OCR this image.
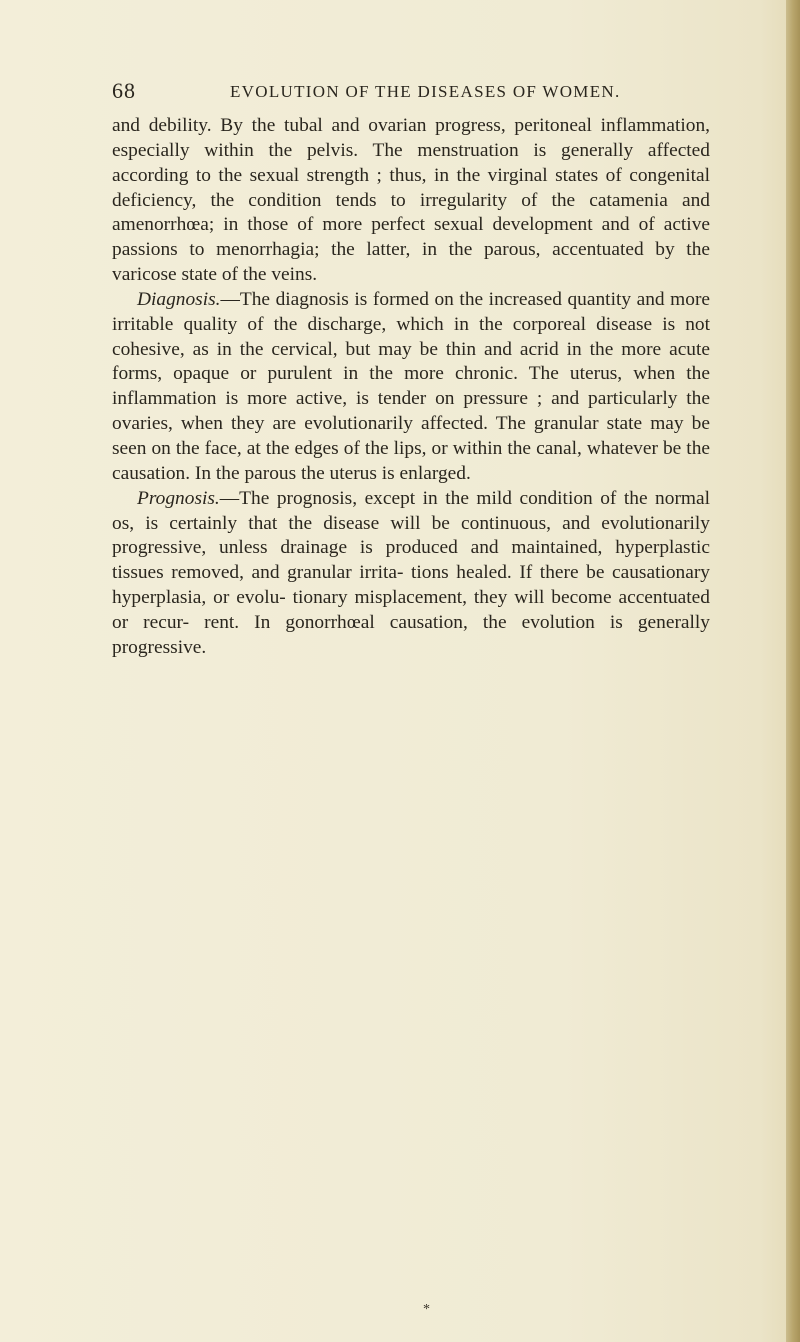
68	EVOLUTION OF THE DISEASES OF WOMEN.

and debility. By the tubal and ovarian progress, peritoneal inflammation, especially within the pelvis. The menstruation is generally affected according to the sexual strength ; thus, in the virginal states of congenital deficiency, the condition tends to irregularity of the catamenia and amenorrhœa; in those of more perfect sexual development and of active passions to menorrhagia; the latter, in the parous, accentuated by the varicose state of the veins.

Diagnosis.—The diagnosis is formed on the increased quantity and more irritable quality of the discharge, which in the corporeal disease is not cohesive, as in the cervical, but may be thin and acrid in the more acute forms, opaque or purulent in the more chronic. The uterus, when the inflammation is more active, is tender on pressure ; and particularly the ovaries, when they are evolutionarily affected. The granular state may be seen on the face, at the edges of the lips, or within the canal, whatever be the causation. In the parous the uterus is enlarged.

Prognosis.—The prognosis, except in the mild condition of the normal os, is certainly that the disease will be continuous, and evolutionarily progressive, unless drainage is produced and maintained, hyperplastic tissues removed, and granular irrita- tions healed. If there be causationary hyperplasia, or evolu- tionary misplacement, they will become accentuated or recur- rent. In gonorrhœal causation, the evolution is generally progressive.

*
